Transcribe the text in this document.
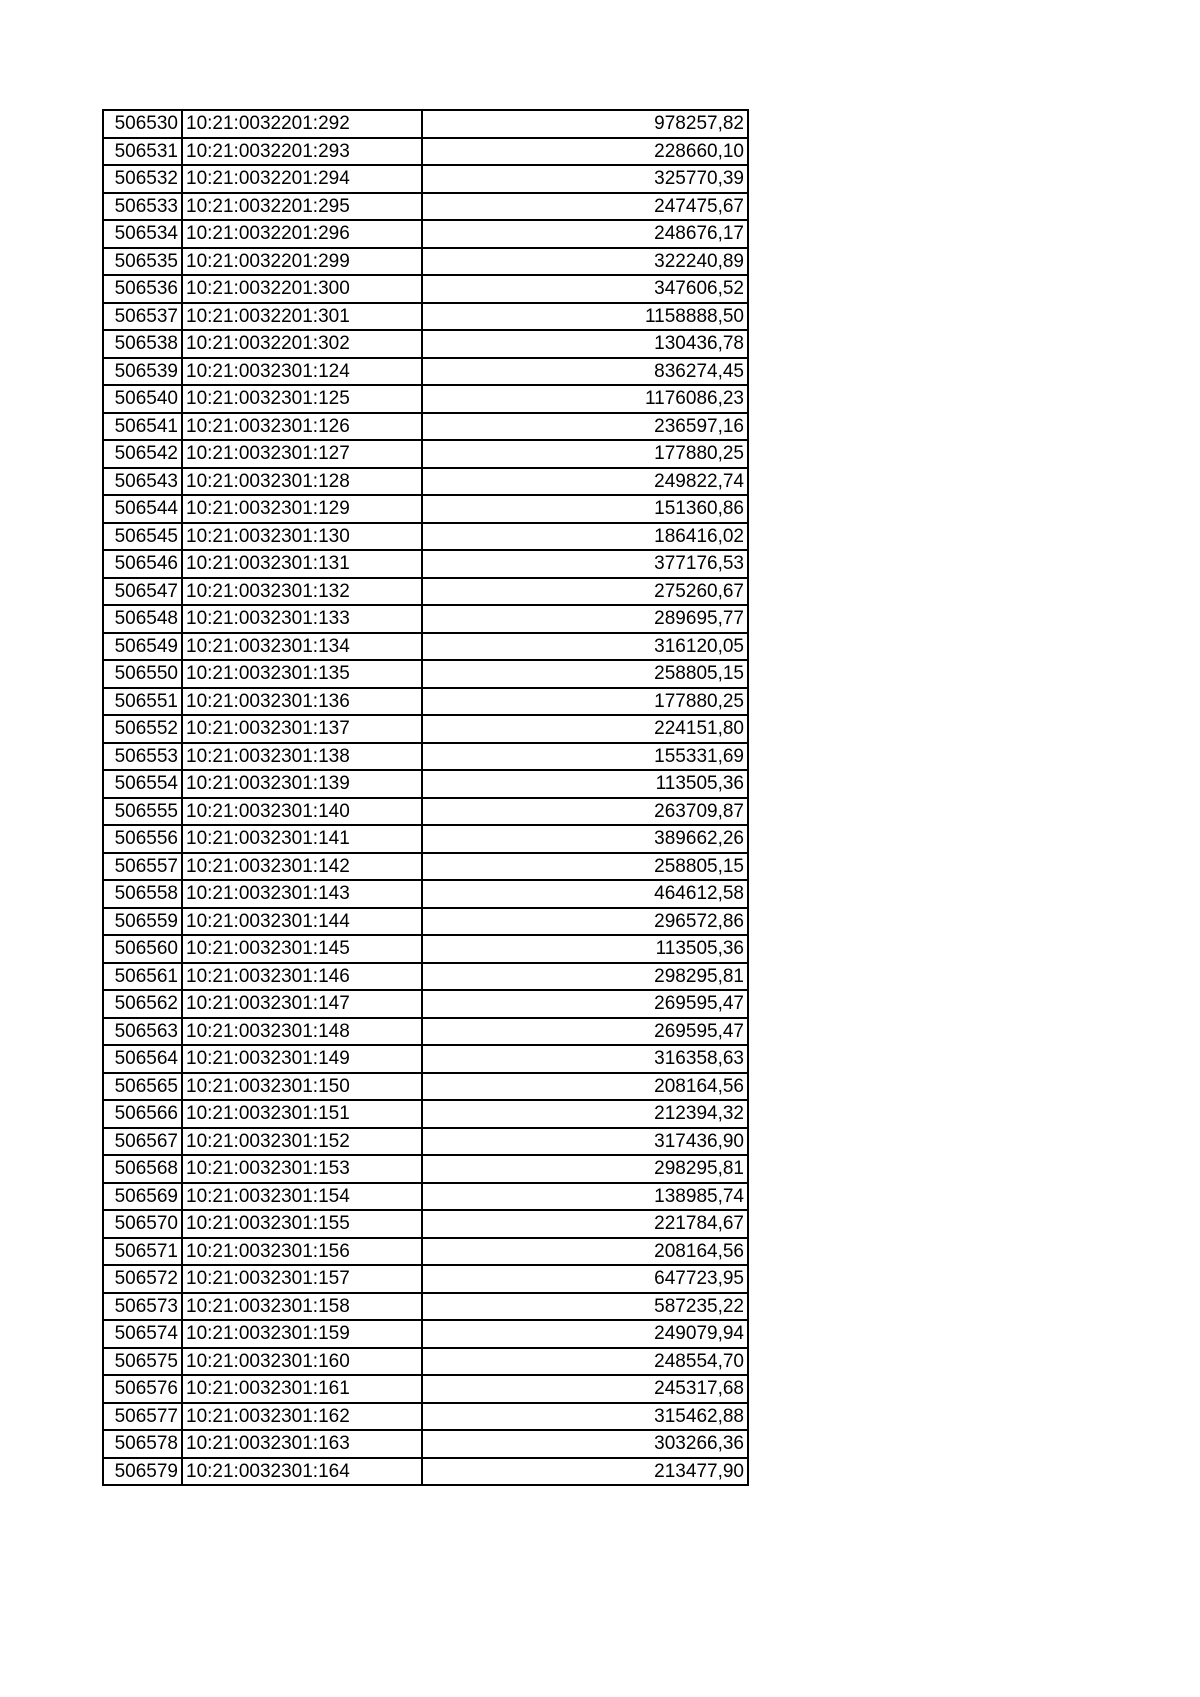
506530	10:21:0032201:292	978257,82
506531	10:21:0032201:293	228660,10
506532	10:21:0032201:294	325770,39
506533	10:21:0032201:295	247475,67
506534	10:21:0032201:296	248676,17
506535	10:21:0032201:299	322240,89
506536	10:21:0032201:300	347606,52
506537	10:21:0032201:301	1158888,50
506538	10:21:0032201:302	130436,78
506539	10:21:0032301:124	836274,45
506540	10:21:0032301:125	1176086,23
506541	10:21:0032301:126	236597,16
506542	10:21:0032301:127	177880,25
506543	10:21:0032301:128	249822,74
506544	10:21:0032301:129	151360,86
506545	10:21:0032301:130	186416,02
506546	10:21:0032301:131	377176,53
506547	10:21:0032301:132	275260,67
506548	10:21:0032301:133	289695,77
506549	10:21:0032301:134	316120,05
506550	10:21:0032301:135	258805,15
506551	10:21:0032301:136	177880,25
506552	10:21:0032301:137	224151,80
506553	10:21:0032301:138	155331,69
506554	10:21:0032301:139	113505,36
506555	10:21:0032301:140	263709,87
506556	10:21:0032301:141	389662,26
506557	10:21:0032301:142	258805,15
506558	10:21:0032301:143	464612,58
506559	10:21:0032301:144	296572,86
506560	10:21:0032301:145	113505,36
506561	10:21:0032301:146	298295,81
506562	10:21:0032301:147	269595,47
506563	10:21:0032301:148	269595,47
506564	10:21:0032301:149	316358,63
506565	10:21:0032301:150	208164,56
506566	10:21:0032301:151	212394,32
506567	10:21:0032301:152	317436,90
506568	10:21:0032301:153	298295,81
506569	10:21:0032301:154	138985,74
506570	10:21:0032301:155	221784,67
506571	10:21:0032301:156	208164,56
506572	10:21:0032301:157	647723,95
506573	10:21:0032301:158	587235,22
506574	10:21:0032301:159	249079,94
506575	10:21:0032301:160	248554,70
506576	10:21:0032301:161	245317,68
506577	10:21:0032301:162	315462,88
506578	10:21:0032301:163	303266,36
506579	10:21:0032301:164	213477,90
